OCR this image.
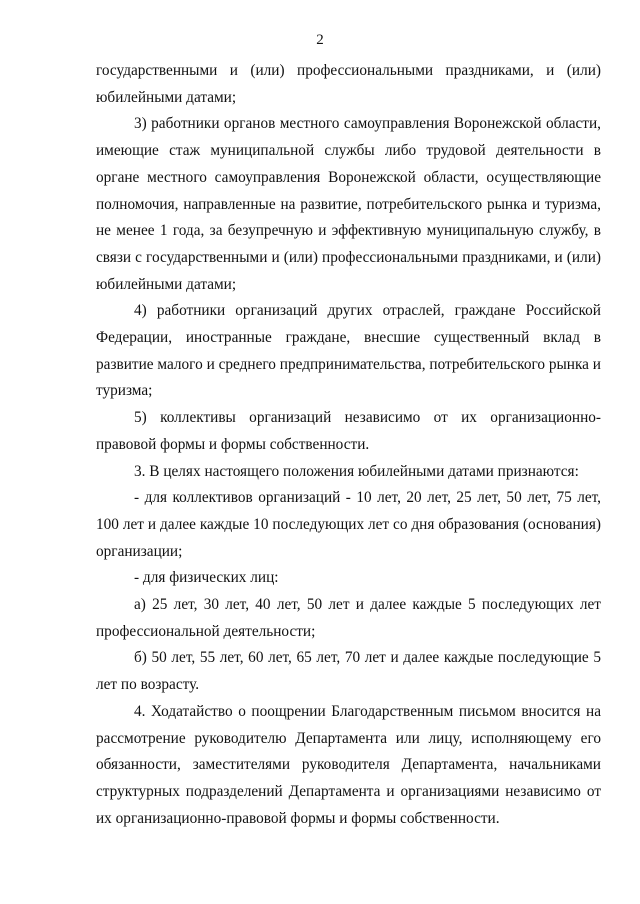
2

государственными и (или) профессиональными праздниками, и (или) юбилейными датами;

3) работники органов местного самоуправления Воронежской области, имеющие стаж муниципальной службы либо трудовой деятельности в органе местного самоуправления Воронежской области, осуществляющие полномочия, направленные на развитие, потребительского рынка и туризма, не менее 1 года, за безупречную и эффективную муниципальную службу, в связи с государственными и (или) профессиональными праздниками, и (или) юбилейными датами;

4) работники организаций других отраслей, граждане Российской Федерации, иностранные граждане, внесшие существенный вклад в развитие малого и среднего предпринимательства, потребительского рынка и туризма;

5) коллективы организаций независимо от их организационно-правовой формы и формы собственности.

3. В целях настоящего положения юбилейными датами признаются:

- для коллективов организаций - 10 лет, 20 лет, 25 лет, 50 лет, 75 лет, 100 лет и далее каждые 10 последующих лет со дня образования (основания) организации;

- для физических лиц:

а) 25 лет, 30 лет, 40 лет, 50 лет и далее каждые 5 последующих лет профессиональной деятельности;

б) 50 лет, 55 лет, 60 лет, 65 лет, 70 лет и далее каждые последующие 5 лет по возрасту.

4. Ходатайство о поощрении Благодарственным письмом вносится на рассмотрение руководителю Департамента или лицу, исполняющему его обязанности, заместителями руководителя Департамента, начальниками структурных подразделений Департамента и организациями независимо от их организационно-правовой формы и формы собственности.
